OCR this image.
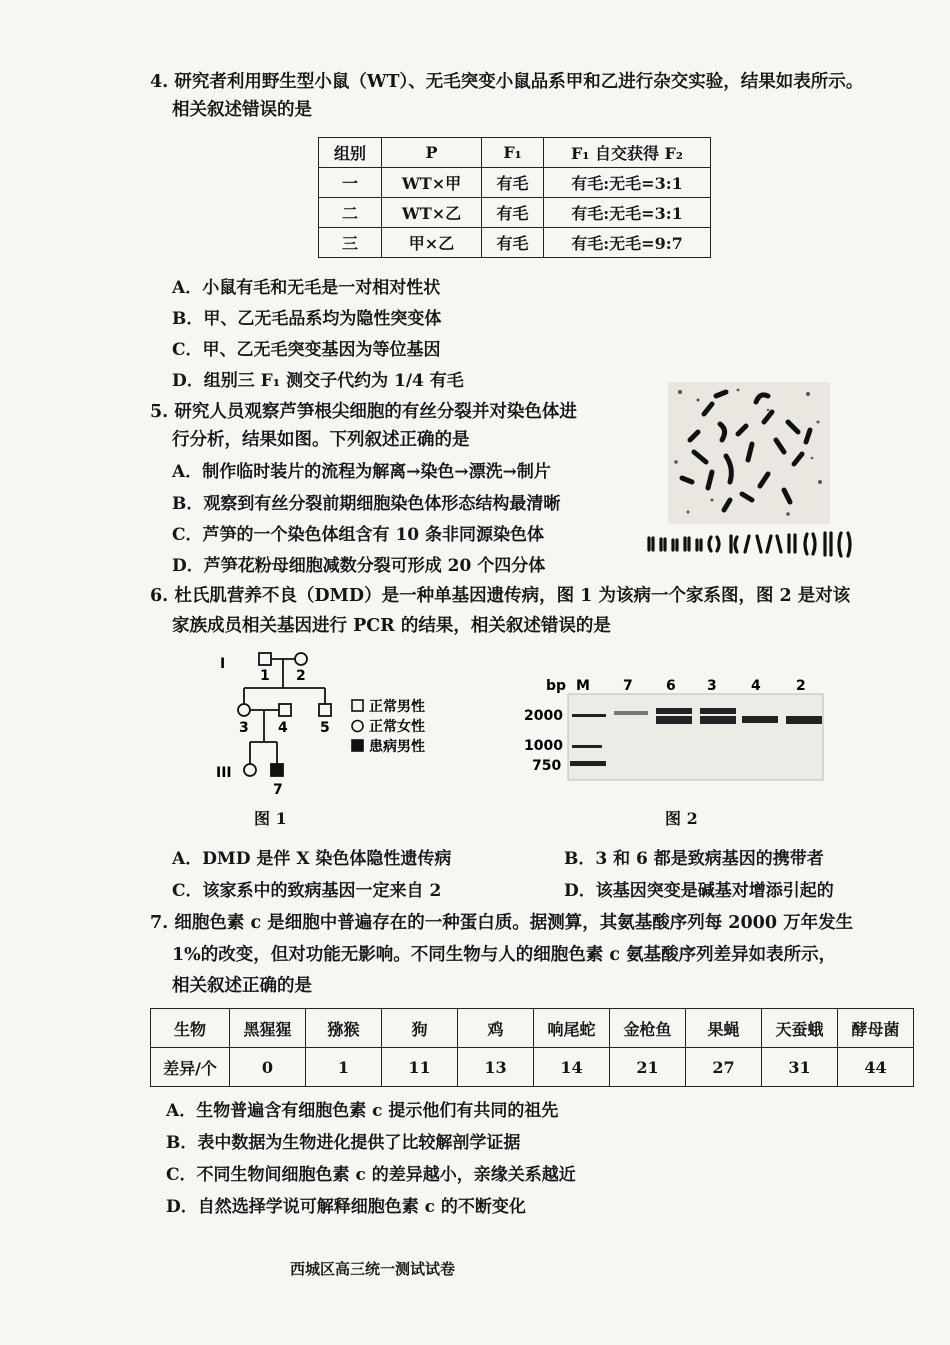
4. 研究者利用野生型小鼠（WT）、无毛突变小鼠品系甲和乙进行杂交实验，结果如表所示。
相关叙述错误的是
组别	P	F₁	F₁ 自交获得 F₂
一	WT×甲	有毛	有毛:无毛=3:1
二	WT×乙	有毛	有毛:无毛=3:1
三	甲×乙	有毛	有毛:无毛=9:7
A．小鼠有毛和无毛是一对相对性状
B．甲、乙无毛品系均为隐性突变体
C．甲、乙无毛突变基因为等位基因
D．组别三 F₁ 测交子代约为 1/4 有毛
5. 研究人员观察芦笋根尖细胞的有丝分裂并对染色体进
行分析，结果如图。下列叙述正确的是
A．制作临时装片的流程为解离→染色→漂洗→制片
B．观察到有丝分裂前期细胞染色体形态结构最清晰
C．芦笋的一个染色体组含有 10 条非同源染色体
D．芦笋花粉母细胞减数分裂可形成 20 个四分体
6. 杜氏肌营养不良（DMD）是一种单基因遗传病，图 1 为该病一个家系图，图 2 是对该
家族成员相关基因进行 PCR 的结果，相关叙述错误的是
I
1 2
3 4 5
III
7
正常男性
正常女性
患病男性
图 1
bp M 7 6 3 4	2
2000
1000
750
图 2
A．DMD 是伴 X 染色体隐性遗传病	B．3 和 6 都是致病基因的携带者
C．该家系中的致病基因一定来自 2	D．该基因突变是碱基对增添引起的
7. 细胞色素 c 是细胞中普遍存在的一种蛋白质。据测算，其氨基酸序列每 2000 万年发生
1%的改变，但对功能无影响。不同生物与人的细胞色素 c 氨基酸序列差异如表所示，
相关叙述正确的是
生物	黑猩猩	猕猴	狗	鸡	响尾蛇	金枪鱼	果蝇	天蚕蛾	酵母菌
差异/个	0	1	11	13	14	21	27	31	44
A．生物普遍含有细胞色素 c 提示他们有共同的祖先
B．表中数据为生物进化提供了比较解剖学证据
C．不同生物间细胞色素 c 的差异越小，亲缘关系越近
D．自然选择学说可解释细胞色素 c 的不断变化
西城区高三统一测试试卷
